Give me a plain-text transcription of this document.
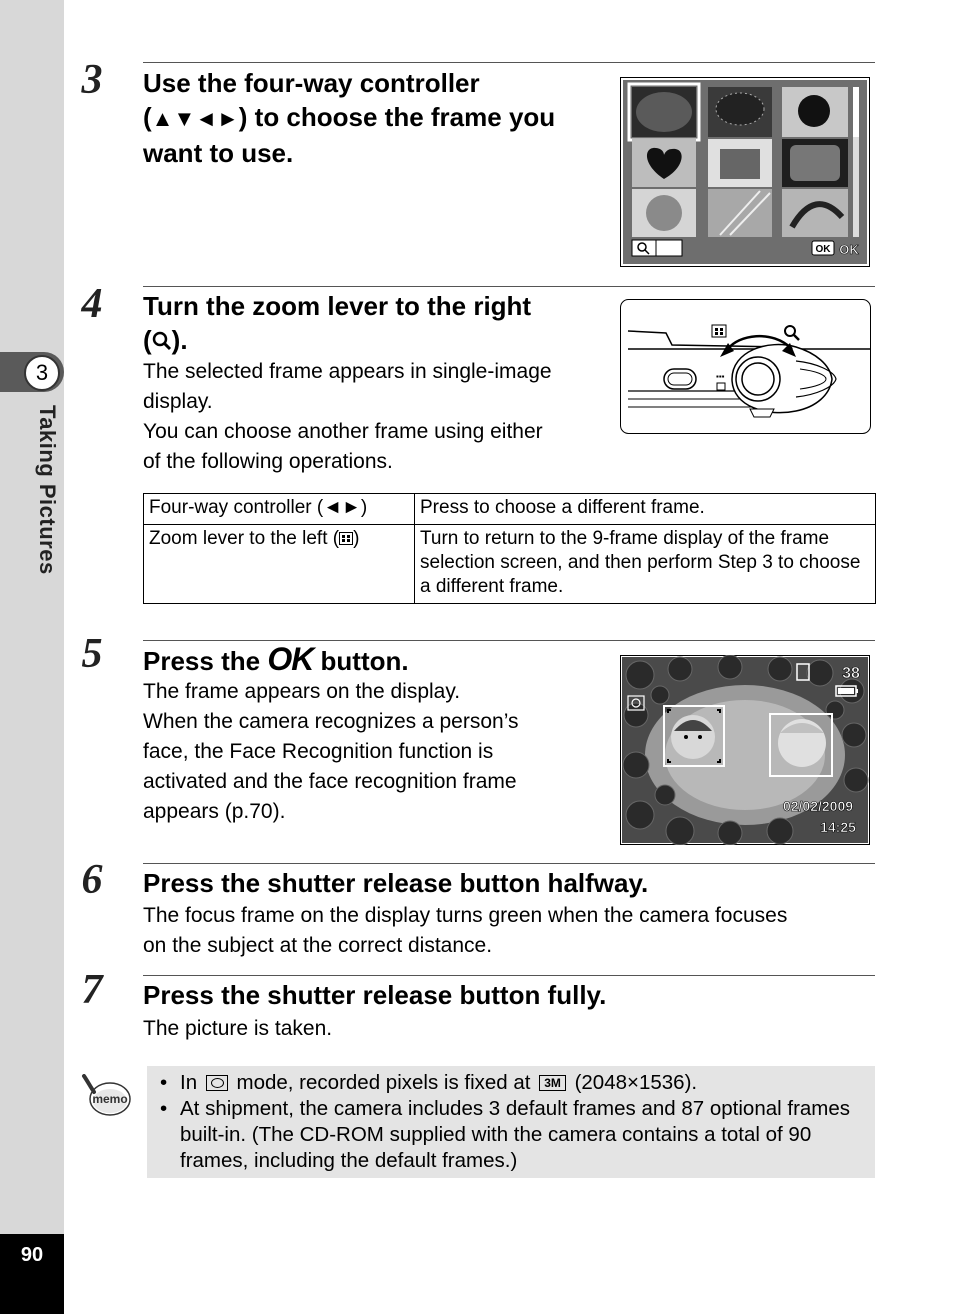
3
Taking Pictures
90
3	Use the four-way controller
(▲▼◄►) to choose the frame you
want to use.
OK OK
4	Turn the zoom lever to the right
( ).

The selected frame appears in single-image

display.

You can choose another frame using either

of the following operations.

▪▪▪
Four-way controller (◄►)	Press to choose a different frame.
Zoom lever to the left ( )	Turn to return to the 9-frame display of the frame selection screen, and then perform Step 3 to choose a different frame.
5	Press the OK button.

The frame appears on the display.

When the camera recognizes a person’s

face, the Face Recognition function is

activated and the face recognition frame

appears (p.70).

38
02/02/2009
14:25
6	Press the shutter release button halfway.

The focus frame on the display turns green when the camera focuses

on the subject at the correct distance.

7	Press the shutter release button fully.
The picture is taken.
memo
• In mode, recorded pixels is fixed at 3M (2048×1536).
• At shipment, the camera includes 3 default frames and 87 optional frames built-in. (The CD-ROM supplied with the camera contains a total of 90 frames, including the default frames.)
